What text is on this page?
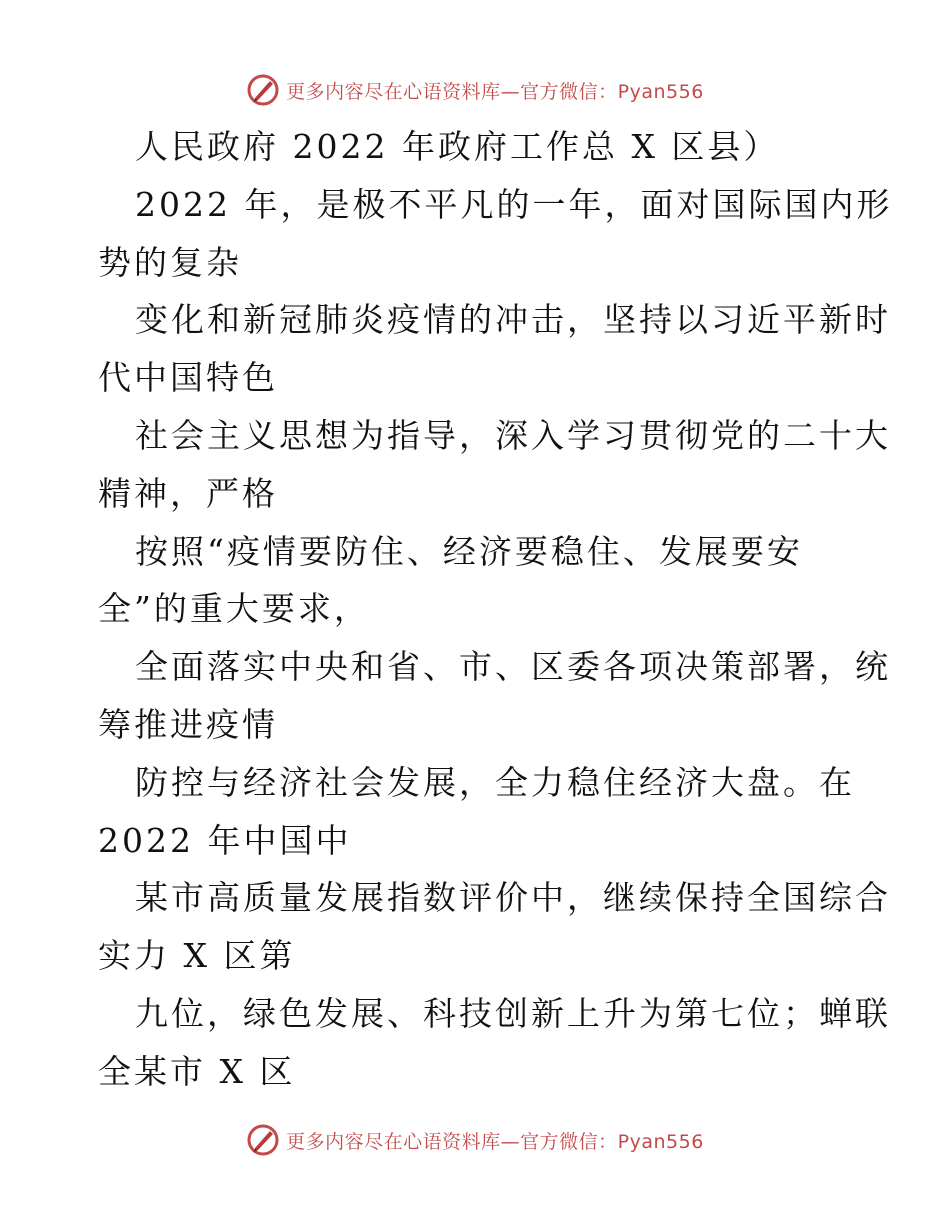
更多内容尽在心语资料库—官方微信：Pyan556
人民政府 2022 年政府工作总 X 区县）
2022 年，是极不平凡的一年，面对国际国内形
势的复杂
变化和新冠肺炎疫情的冲击，坚持以习近平新时
代中国特色
社会主义思想为指导，深入学习贯彻党的二十大
精神，严格
按照“疫情要防住、经济要稳住、发展要安
全”的重大要求，
全面落实中央和省、市、区委各项决策部署，统
筹推进疫情
防控与经济社会发展，全力稳住经济大盘。在
2022 年中国中
某市高质量发展指数评价中，继续保持全国综合
实力 X 区第
九位，绿色发展、科技创新上升为第七位；蝉联
全某市 X 区
更多内容尽在心语资料库—官方微信：Pyan556
